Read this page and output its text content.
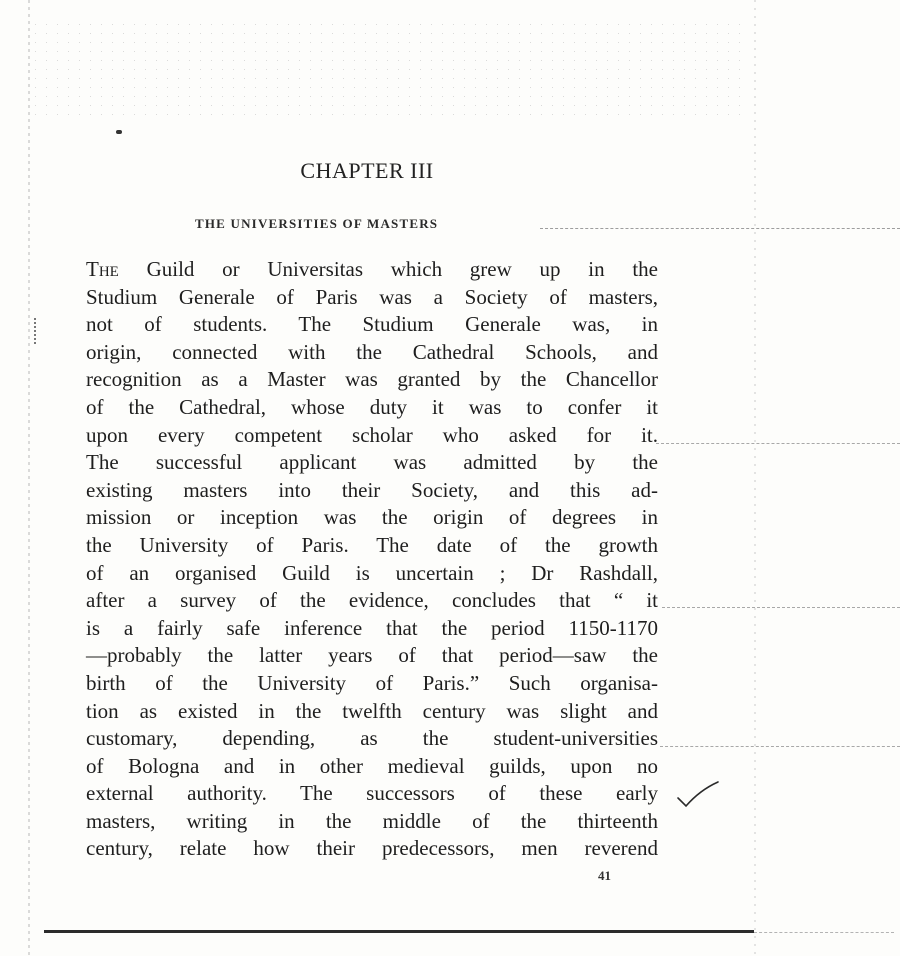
CHAPTER III
THE UNIVERSITIES OF MASTERS
The Guild or Universitas which grew up in the
Studium Generale of Paris was a Society of masters,
not of students. The Studium Generale was, in
origin, connected with the Cathedral Schools, and
recognition as a Master was granted by the Chancellor
of the Cathedral, whose duty it was to confer it
upon every competent scholar who asked for it.
The successful applicant was admitted by the
existing masters into their Society, and this ad-
mission or inception was the origin of degrees in
the University of Paris. The date of the growth
of an organised Guild is uncertain ; Dr Rashdall,
after a survey of the evidence, concludes that “ it
is a fairly safe inference that the period 1150-1170
—probably the latter years of that period—saw the
birth of the University of Paris.” Such organisa-
tion as existed in the twelfth century was slight and
customary, depending, as the student-universities
of Bologna and in other medieval guilds, upon no
external authority. The successors of these early
masters, writing in the middle of the thirteenth
century, relate how their predecessors, men reverend
41
